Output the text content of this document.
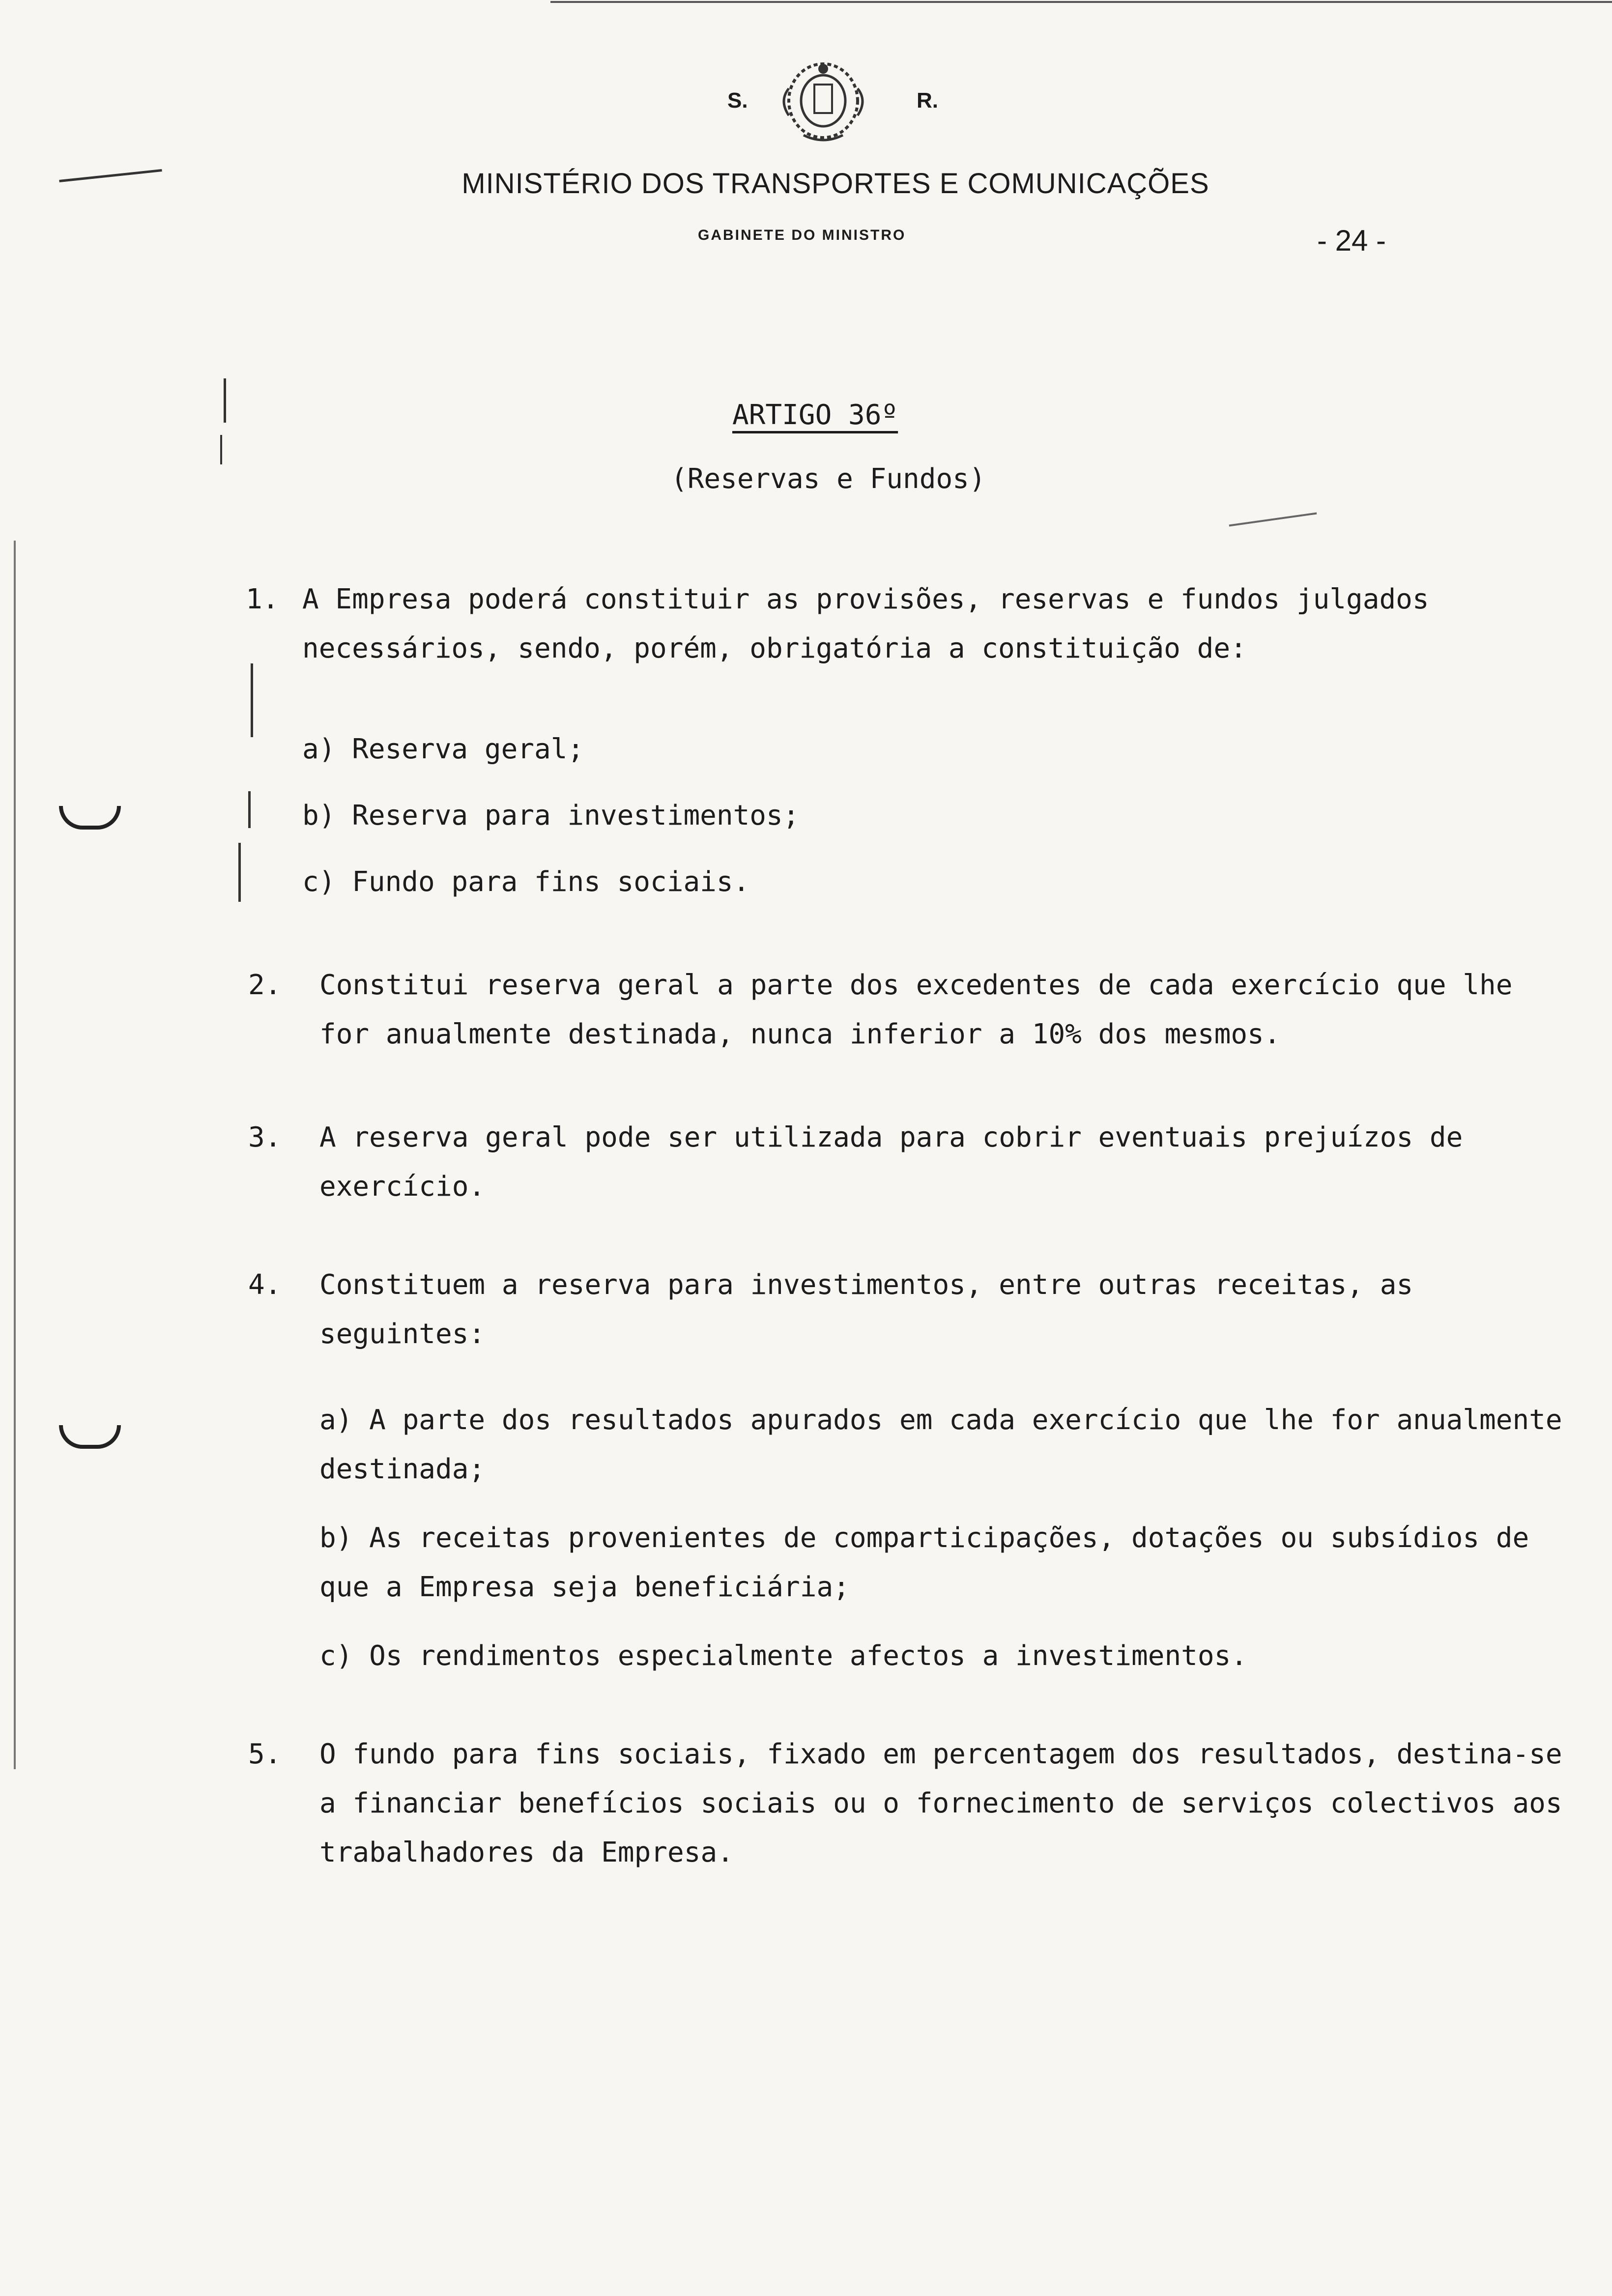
S.	R.
MINISTÉRIO DOS TRANSPORTES E COMUNICAÇÕES
GABINETE DO MINISTRO	- 24 -
ARTIGO 36º
(Reservas e Fundos)
1. A Empresa poderá constituir as provisões, reservas e fundos julgados necessários, sendo, porém, obrigatória a constituição de:
a) Reserva geral;
b) Reserva para investimentos;
c) Fundo para fins sociais.
2. Constitui reserva geral a parte dos excedentes de cada exercício que lhe for anualmente destinada, nunca inferior a 10% dos mesmos.
3. A reserva geral pode ser utilizada para cobrir eventuais prejuízos de exercício.
4. Constituem a reserva para investimentos, entre outras receitas, as seguintes:
a) A parte dos resultados apurados em cada exercício que lhe for anualmente destinada;
b) As receitas provenientes de comparticipações, dotações ou subsídios de que a Empresa seja beneficiária;
c) Os rendimentos especialmente afectos a investimentos.
5. O fundo para fins sociais, fixado em percentagem dos resultados, destina-se a financiar benefícios sociais ou o fornecimento de serviços colectivos aos trabalhadores da Empresa.
